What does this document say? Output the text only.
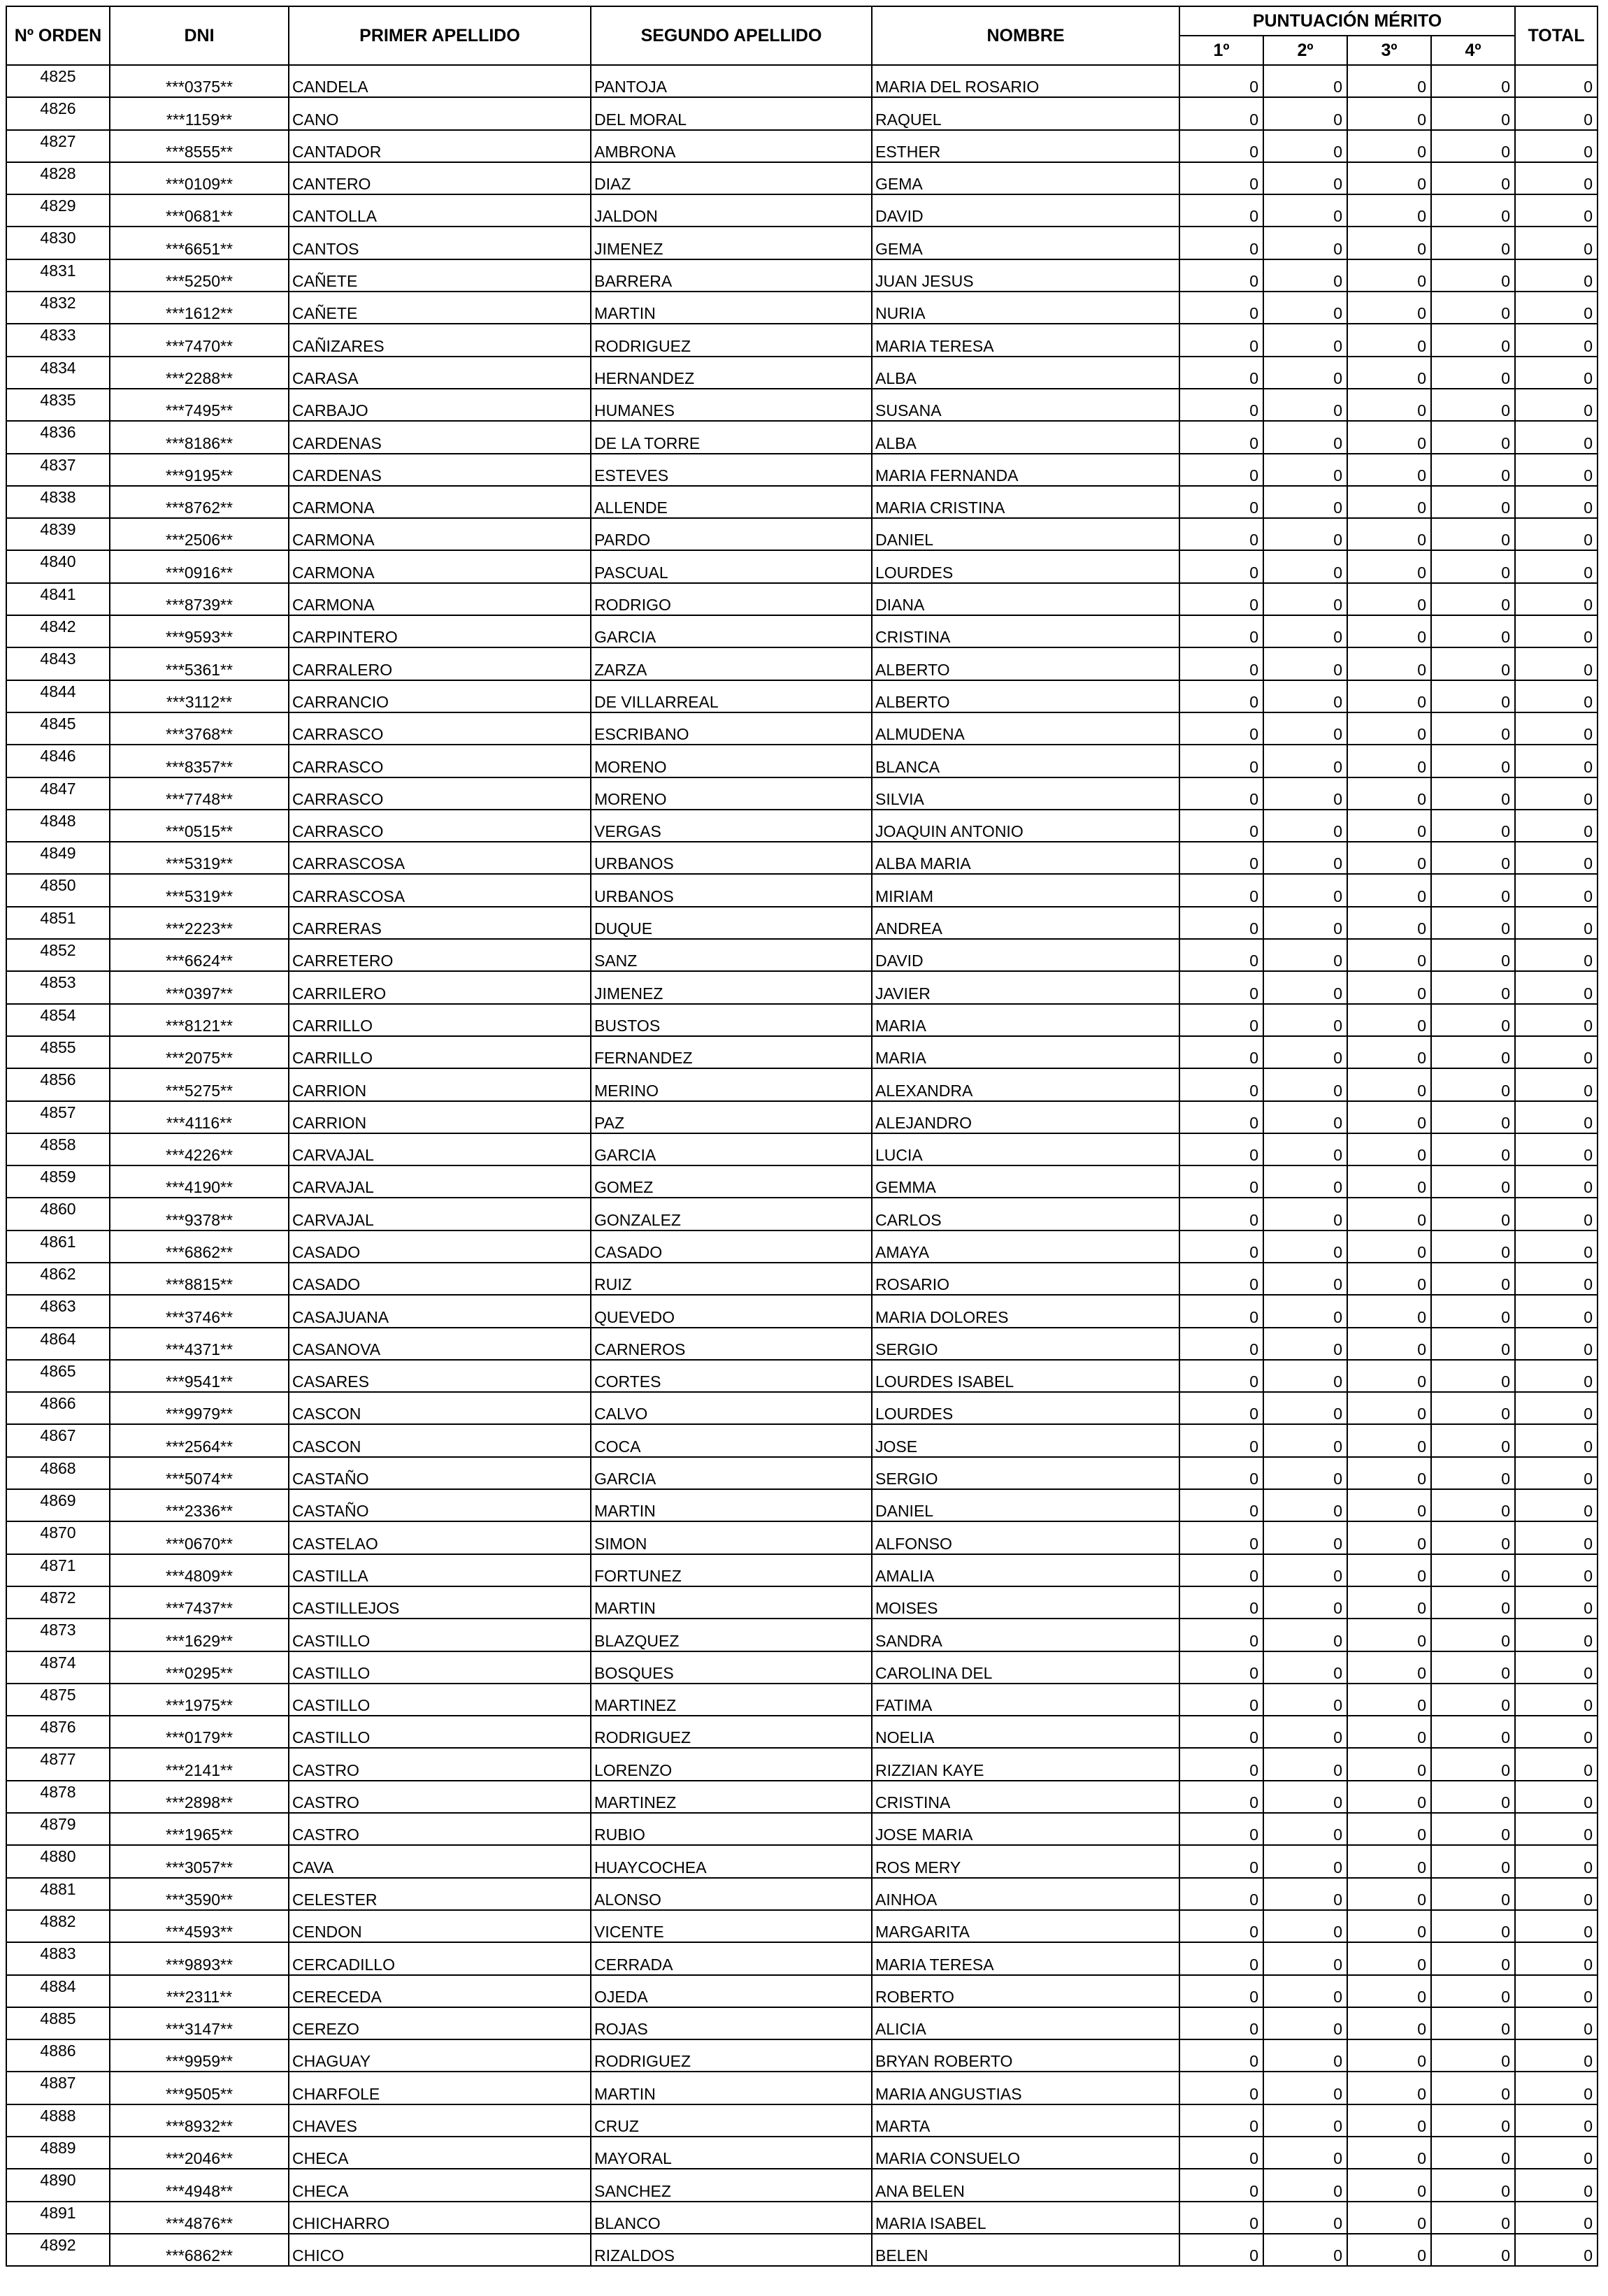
Nº ORDEN	DNI	PRIMER APELLIDO	SEGUNDO APELLIDO	NOMBRE	PUNTUACIÓN MÉRITO				TOTAL
					1º	2º	3º	4º	
4825	***0375**	CANDELA	PANTOJA	MARIA DEL ROSARIO	0	0	0	0	0
4826	***1159**	CANO	DEL MORAL	RAQUEL	0	0	0	0	0
4827	***8555**	CANTADOR	AMBRONA	ESTHER	0	0	0	0	0
4828	***0109**	CANTERO	DIAZ	GEMA	0	0	0	0	0
4829	***0681**	CANTOLLA	JALDON	DAVID	0	0	0	0	0
4830	***6651**	CANTOS	JIMENEZ	GEMA	0	0	0	0	0
4831	***5250**	CAÑETE	BARRERA	JUAN JESUS	0	0	0	0	0
4832	***1612**	CAÑETE	MARTIN	NURIA	0	0	0	0	0
4833	***7470**	CAÑIZARES	RODRIGUEZ	MARIA TERESA	0	0	0	0	0
4834	***2288**	CARASA	HERNANDEZ	ALBA	0	0	0	0	0
4835	***7495**	CARBAJO	HUMANES	SUSANA	0	0	0	0	0
4836	***8186**	CARDENAS	DE LA TORRE	ALBA	0	0	0	0	0
4837	***9195**	CARDENAS	ESTEVES	MARIA FERNANDA	0	0	0	0	0
4838	***8762**	CARMONA	ALLENDE	MARIA CRISTINA	0	0	0	0	0
4839	***2506**	CARMONA	PARDO	DANIEL	0	0	0	0	0
4840	***0916**	CARMONA	PASCUAL	LOURDES	0	0	0	0	0
4841	***8739**	CARMONA	RODRIGO	DIANA	0	0	0	0	0
4842	***9593**	CARPINTERO	GARCIA	CRISTINA	0	0	0	0	0
4843	***5361**	CARRALERO	ZARZA	ALBERTO	0	0	0	0	0
4844	***3112**	CARRANCIO	DE VILLARREAL	ALBERTO	0	0	0	0	0
4845	***3768**	CARRASCO	ESCRIBANO	ALMUDENA	0	0	0	0	0
4846	***8357**	CARRASCO	MORENO	BLANCA	0	0	0	0	0
4847	***7748**	CARRASCO	MORENO	SILVIA	0	0	0	0	0
4848	***0515**	CARRASCO	VERGAS	JOAQUIN ANTONIO	0	0	0	0	0
4849	***5319**	CARRASCOSA	URBANOS	ALBA MARIA	0	0	0	0	0
4850	***5319**	CARRASCOSA	URBANOS	MIRIAM	0	0	0	0	0
4851	***2223**	CARRERAS	DUQUE	ANDREA	0	0	0	0	0
4852	***6624**	CARRETERO	SANZ	DAVID	0	0	0	0	0
4853	***0397**	CARRILERO	JIMENEZ	JAVIER	0	0	0	0	0
4854	***8121**	CARRILLO	BUSTOS	MARIA	0	0	0	0	0
4855	***2075**	CARRILLO	FERNANDEZ	MARIA	0	0	0	0	0
4856	***5275**	CARRION	MERINO	ALEXANDRA	0	0	0	0	0
4857	***4116**	CARRION	PAZ	ALEJANDRO	0	0	0	0	0
4858	***4226**	CARVAJAL	GARCIA	LUCIA	0	0	0	0	0
4859	***4190**	CARVAJAL	GOMEZ	GEMMA	0	0	0	0	0
4860	***9378**	CARVAJAL	GONZALEZ	CARLOS	0	0	0	0	0
4861	***6862**	CASADO	CASADO	AMAYA	0	0	0	0	0
4862	***8815**	CASADO	RUIZ	ROSARIO	0	0	0	0	0
4863	***3746**	CASAJUANA	QUEVEDO	MARIA DOLORES	0	0	0	0	0
4864	***4371**	CASANOVA	CARNEROS	SERGIO	0	0	0	0	0
4865	***9541**	CASARES	CORTES	LOURDES ISABEL	0	0	0	0	0
4866	***9979**	CASCON	CALVO	LOURDES	0	0	0	0	0
4867	***2564**	CASCON	COCA	JOSE	0	0	0	0	0
4868	***5074**	CASTAÑO	GARCIA	SERGIO	0	0	0	0	0
4869	***2336**	CASTAÑO	MARTIN	DANIEL	0	0	0	0	0
4870	***0670**	CASTELAO	SIMON	ALFONSO	0	0	0	0	0
4871	***4809**	CASTILLA	FORTUNEZ	AMALIA	0	0	0	0	0
4872	***7437**	CASTILLEJOS	MARTIN	MOISES	0	0	0	0	0
4873	***1629**	CASTILLO	BLAZQUEZ	SANDRA	0	0	0	0	0
4874	***0295**	CASTILLO	BOSQUES	CAROLINA DEL	0	0	0	0	0
4875	***1975**	CASTILLO	MARTINEZ	FATIMA	0	0	0	0	0
4876	***0179**	CASTILLO	RODRIGUEZ	NOELIA	0	0	0	0	0
4877	***2141**	CASTRO	LORENZO	RIZZIAN KAYE	0	0	0	0	0
4878	***2898**	CASTRO	MARTINEZ	CRISTINA	0	0	0	0	0
4879	***1965**	CASTRO	RUBIO	JOSE MARIA	0	0	0	0	0
4880	***3057**	CAVA	HUAYCOCHEA	ROS MERY	0	0	0	0	0
4881	***3590**	CELESTER	ALONSO	AINHOA	0	0	0	0	0
4882	***4593**	CENDON	VICENTE	MARGARITA	0	0	0	0	0
4883	***9893**	CERCADILLO	CERRADA	MARIA TERESA	0	0	0	0	0
4884	***2311**	CERECEDA	OJEDA	ROBERTO	0	0	0	0	0
4885	***3147**	CEREZO	ROJAS	ALICIA	0	0	0	0	0
4886	***9959**	CHAGUAY	RODRIGUEZ	BRYAN ROBERTO	0	0	0	0	0
4887	***9505**	CHARFOLE	MARTIN	MARIA ANGUSTIAS	0	0	0	0	0
4888	***8932**	CHAVES	CRUZ	MARTA	0	0	0	0	0
4889	***2046**	CHECA	MAYORAL	MARIA CONSUELO	0	0	0	0	0
4890	***4948**	CHECA	SANCHEZ	ANA BELEN	0	0	0	0	0
4891	***4876**	CHICHARRO	BLANCO	MARIA ISABEL	0	0	0	0	0
4892	***6862**	CHICO	RIZALDOS	BELEN	0	0	0	0	0
